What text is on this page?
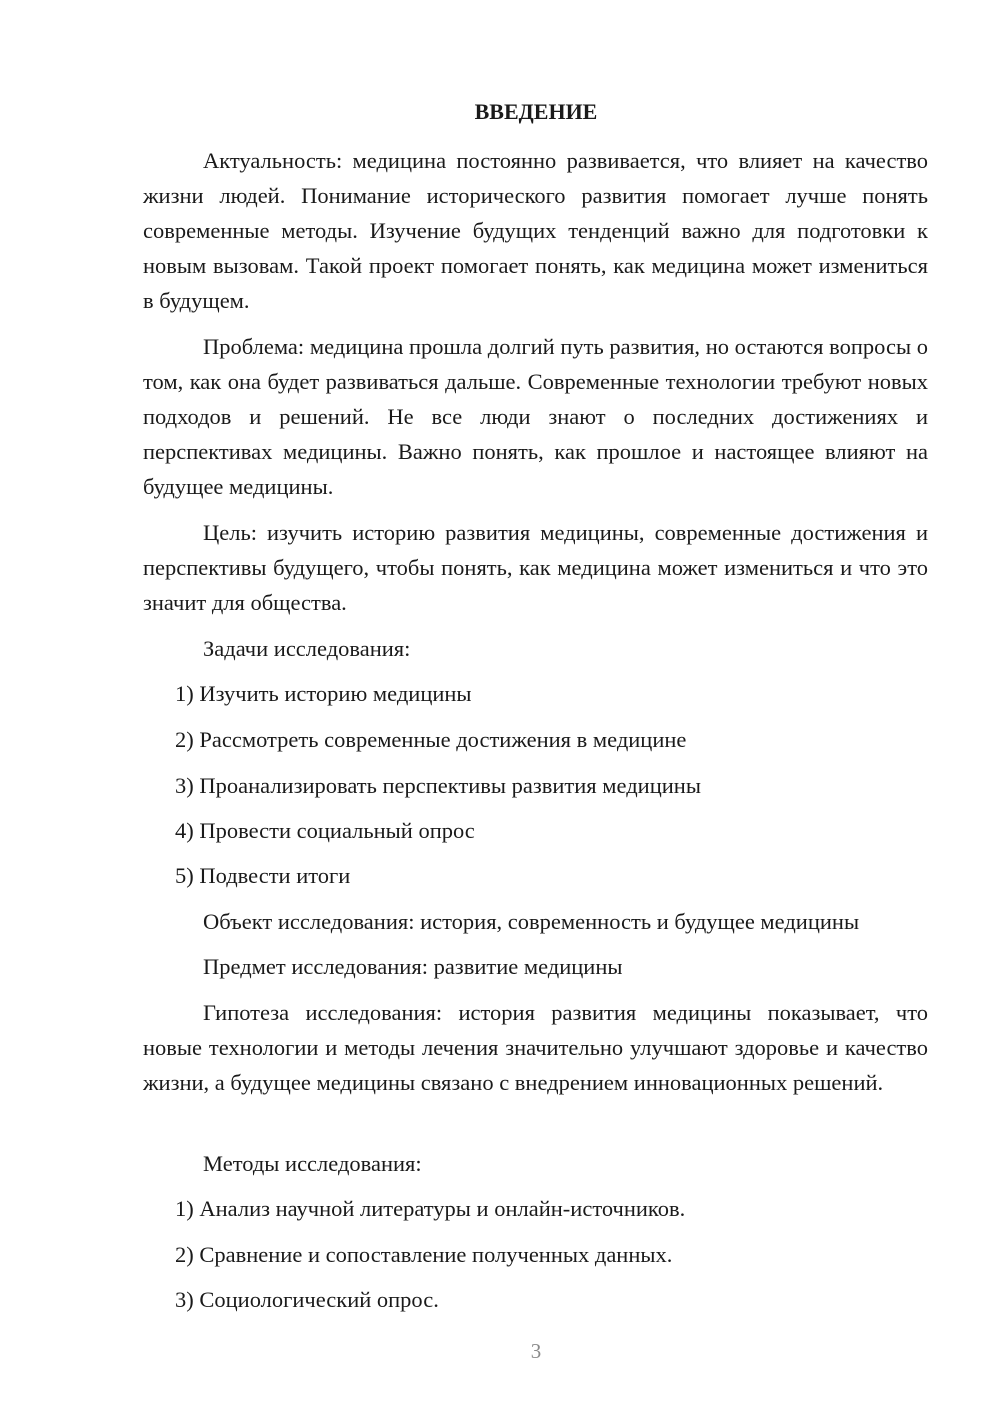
ВВЕДЕНИЕ

Актуальность: медицина постоянно развивается, что влияет на качество жизни людей. Понимание исторического развития помогает лучше понять современные методы. Изучение будущих тенденций важно для подготовки к новым вызовам. Такой проект помогает понять, как медицина может измениться в будущем.

Проблема: медицина прошла долгий путь развития, но остаются вопросы о том, как она будет развиваться дальше. Современные технологии требуют новых подходов и решений. Не все люди знают о последних достижениях и перспективах медицины. Важно понять, как прошлое и настоящее влияют на будущее медицины.

Цель: изучить историю развития медицины, современные достижения и перспективы будущего, чтобы понять, как медицина может измениться и что это значит для общества.

Задачи исследования:

1) Изучить историю медицины

2) Рассмотреть современные достижения в медицине

3) Проанализировать перспективы развития медицины

4) Провести социальный опрос

5) Подвести итоги

Объект исследования: история, современность и будущее медицины

Предмет исследования: развитие медицины

Гипотеза исследования: история развития медицины показывает, что новые технологии и методы лечения значительно улучшают здоровье и качество жизни, а будущее медицины связано с внедрением инновационных решений.

Методы исследования:

1) Анализ научной литературы и онлайн-источников.

2) Сравнение и сопоставление полученных данных.

3) Социологический опрос.

3
